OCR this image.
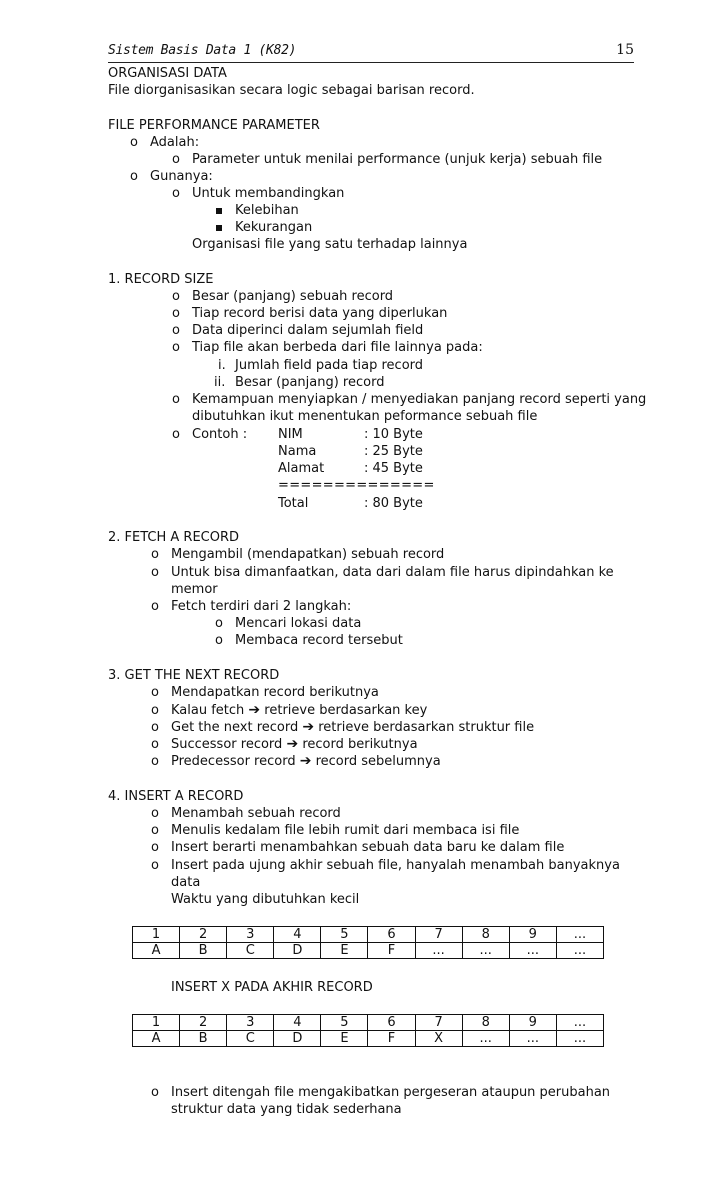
Sistem Basis Data 1 (K82)	15
ORGANISASI DATA
File diorganisasikan secara logic sebagai barisan record.
FILE PERFORMANCE PARAMETER
o Adalah:
o Parameter untuk menilai performance (unjuk kerja) sebuah file
o Gunanya:
o Untuk membandingkan
Kelebihan
Kekurangan
Organisasi file yang satu terhadap lainnya
1. RECORD SIZE
o Besar (panjang) sebuah record
o Tiap record berisi data yang diperlukan
o Data diperinci dalam sejumlah field
o Tiap file akan berbeda dari file lainnya pada:
i. Jumlah field pada tiap record
ii. Besar (panjang) record
o Kemampuan menyiapkan / menyediakan panjang record seperti yang
dibutuhkan ikut menentukan peformance sebuah file
o Contoh : NIM	: 10 Byte
Nama	: 25 Byte
Alamat	: 45 Byte
==============
Total	: 80 Byte
2. FETCH A RECORD
o Mengambil (mendapatkan) sebuah record
o Untuk bisa dimanfaatkan, data dari dalam file harus dipindahkan ke
memor
o Fetch terdiri dari 2 langkah:
o Mencari lokasi data
o Membaca record tersebut
3. GET THE NEXT RECORD
o Mendapatkan record berikutnya
o Kalau fetch ➔ retrieve berdasarkan key
o Get the next record ➔ retrieve berdasarkan struktur file
o Successor record ➔ record berikutnya
o Predecessor record ➔ record sebelumnya
4. INSERT A RECORD
o Menambah sebuah record
o Menulis kedalam file lebih rumit dari membaca isi file
o Insert berarti menambahkan sebuah data baru ke dalam file
o Insert pada ujung akhir sebuah file, hanyalah menambah banyaknya
data
Waktu yang dibutuhkan kecil
1	2	3	4	5	6	7	8	9	...
A	B	C	D	E	F	...	...	...	...
INSERT X PADA AKHIR RECORD
1	2	3	4	5	6	7	8	9	...
A	B	C	D	E	F	X	...	...	...
o Insert ditengah file mengakibatkan pergeseran ataupun perubahan
struktur data yang tidak sederhana
